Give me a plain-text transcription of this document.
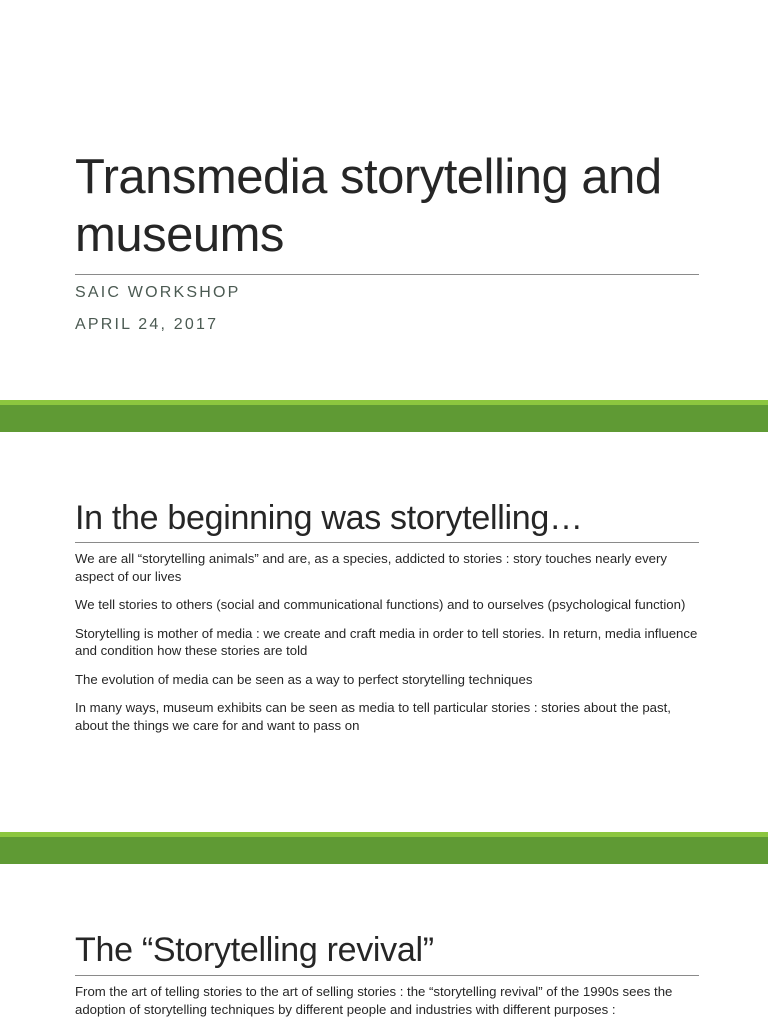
Transmedia storytelling and museums

SAIC WORKSHOP

APRIL 24, 2017

In the beginning was storytelling…
We are all “storytelling animals” and are, as a species, addicted to stories : story touches nearly every aspect of our lives
We tell stories to others (social and communicational functions) and to ourselves (psychological function)
Storytelling is mother of media : we create and craft media in order to tell stories. In return, media influence and condition how these stories are told
The evolution of media can be seen as a way to perfect storytelling techniques
In many ways, museum exhibits can be seen as media to tell particular stories : stories about the past, about the things we care for and want to pass on
The “Storytelling revival”

From the art of telling stories to the art of selling stories : the “storytelling revival” of the 1990s sees the adoption of storytelling techniques by different people and industries with different purposes :
